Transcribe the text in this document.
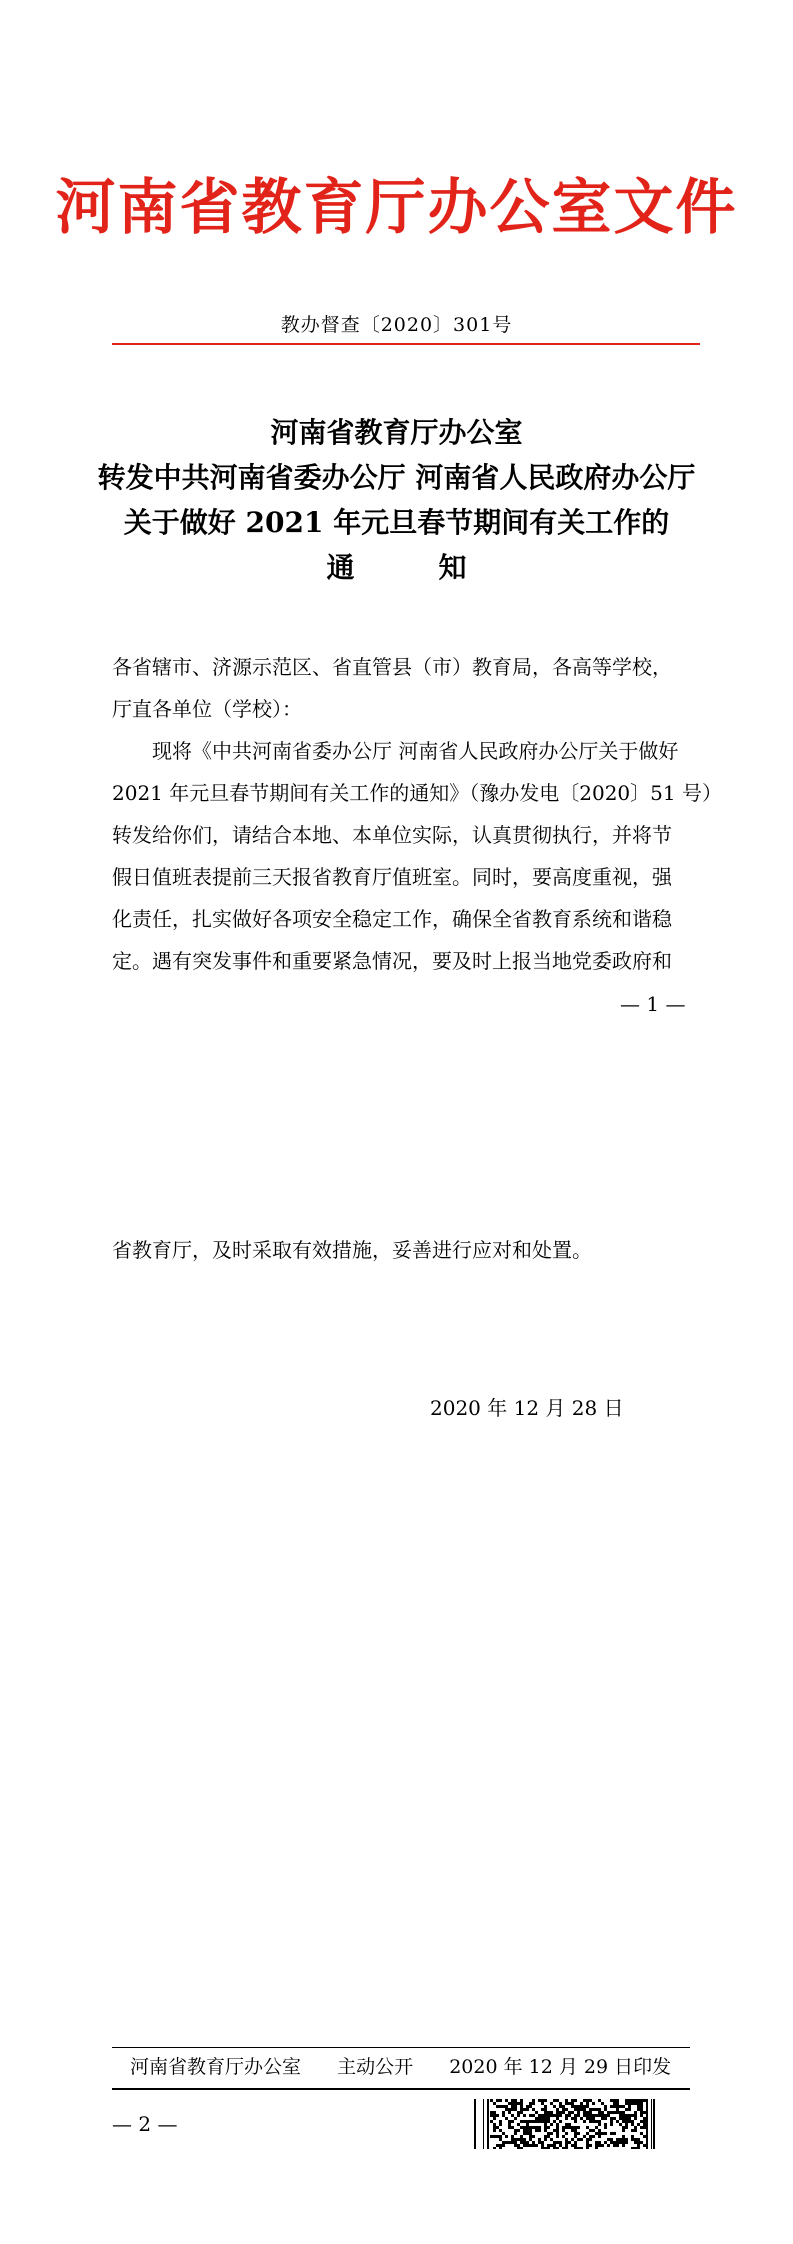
河南省教育厅办公室文件
教办督查〔2020〕301号
河南省教育厅办公室
转发中共河南省委办公厅 河南省人民政府办公厅
关于做好 2021 年元旦春节期间有关工作的
通　　　知
各省辖市、济源示范区、省直管县（市）教育局，各高等学校，
厅直各单位（学校）：
现将《中共河南省委办公厅 河南省人民政府办公厅关于做好
2021 年元旦春节期间有关工作的通知》（豫办发电〔2020〕51 号）
转发给你们，请结合本地、本单位实际，认真贯彻执行，并将节
假日值班表提前三天报省教育厅值班室。同时，要高度重视，强
化责任，扎实做好各项安全稳定工作，确保全省教育系统和谐稳
定。遇有突发事件和重要紧急情况，要及时上报当地党委政府和
— 1 —
省教育厅，及时采取有效措施，妥善进行应对和处置。
2020 年 12 月 28 日
河南省教育厅办公室 主动公开 2020 年 12 月 29 日印发
— 2 —
